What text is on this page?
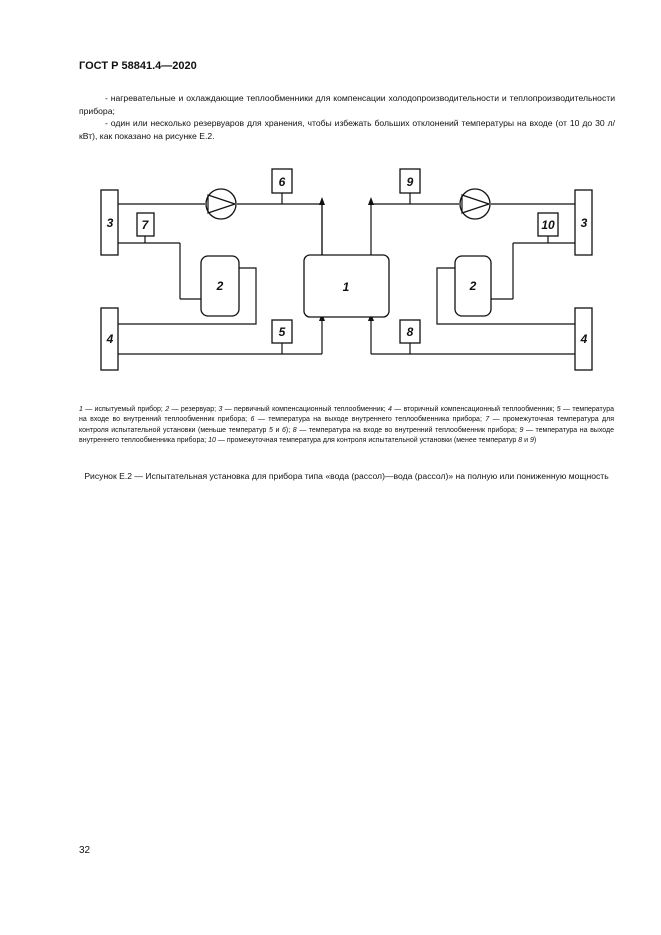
ГОСТ Р 58841.4—2020
- нагревательные и охлаждающие теплообменники для компенсации холодопроизводительности и теплопроизводительности прибора;
- один или несколько резервуаров для хранения, чтобы избежать больших отклонений температуры на входе (от 10 до 30 л/кВт), как показано на рисунке Е.2.
1
2	2
3
4
3
4
6
7
5
9
10
8
1 — испытуемый прибор; 2 — резервуар; 3 — первичный компенсационный теплообменник; 4 — вторичный компенсационный теплообменник; 5 — температура на входе во внутренний теплообменник прибора; 6 — температура на выходе внутреннего теплообменника прибора; 7 — промежуточная температура для контроля испытательной установки (меньше температур 5 и 6); 8 — температура на входе во внутренний теплообменник прибора; 9 — температура на выходе внутреннего теплообменника прибора; 10 — промежуточная температура для контроля испытательной установки (менее температур 8 и 9)
Рисунок Е.2 — Испытательная установка для прибора типа «вода (рассол)—вода (рассол)» на полную или пониженную мощность
32
